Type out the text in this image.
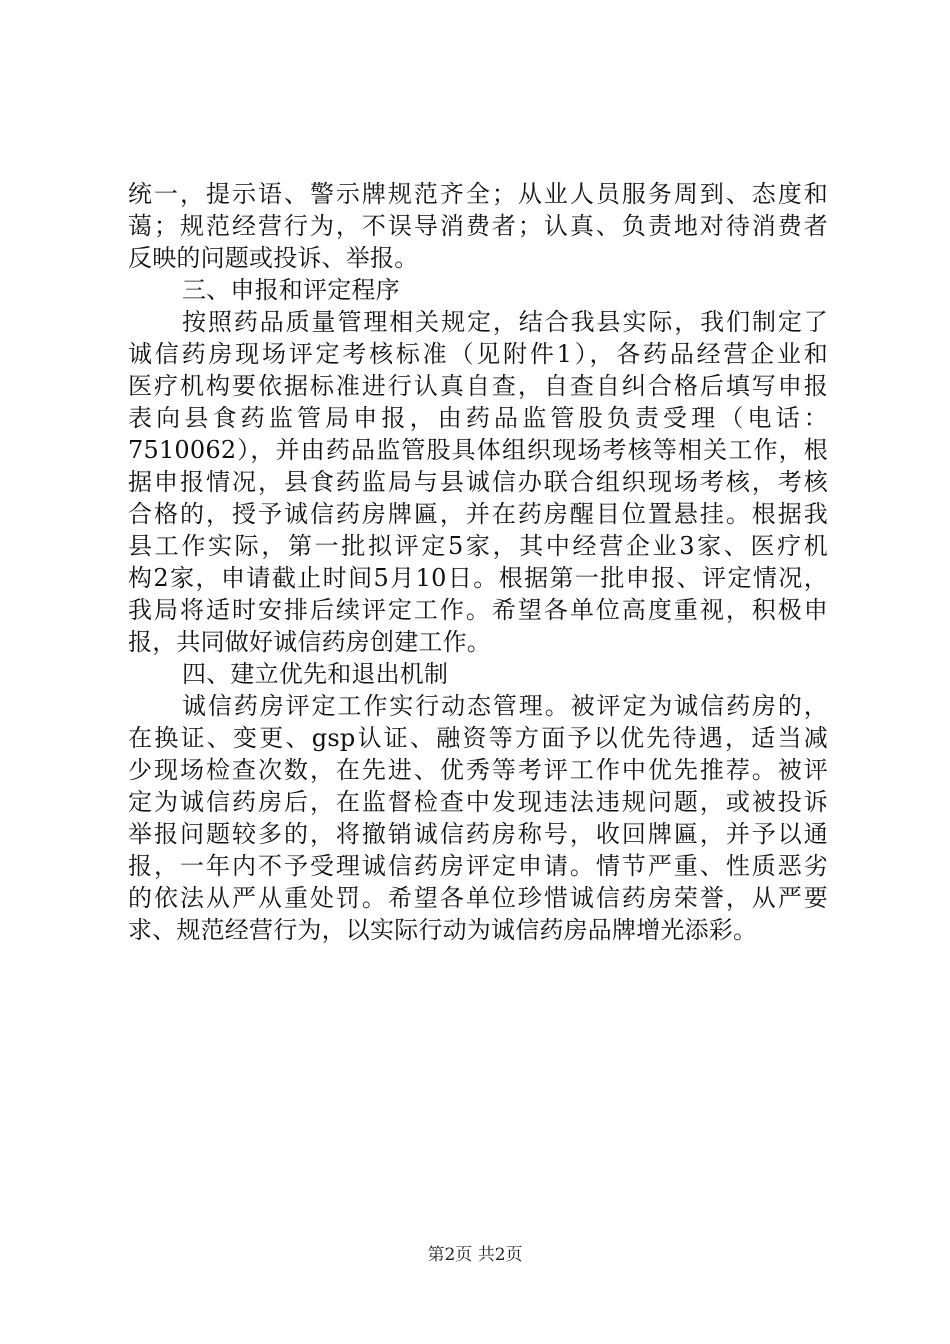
统一，提示语、警示牌规范齐全；从业人员服务周到、态度和
蔼；规范经营行为，不误导消费者；认真、负责地对待消费者
反映的问题或投诉、举报。
三、申报和评定程序
按照药品质量管理相关规定，结合我县实际，我们制定了
诚信药房现场评定考核标准（见附件1），各药品经营企业和
医疗机构要依据标准进行认真自查，自查自纠合格后填写申报
表向县食药监管局申报，由药品监管股负责受理（电话：
7510062），并由药品监管股具体组织现场考核等相关工作，根
据申报情况，县食药监局与县诚信办联合组织现场考核，考核
合格的，授予诚信药房牌匾，并在药房醒目位置悬挂。根据我
县工作实际，第一批拟评定5家，其中经营企业3家、医疗机
构2家，申请截止时间5月10日。根据第一批申报、评定情况，
我局将适时安排后续评定工作。希望各单位高度重视，积极申
报，共同做好诚信药房创建工作。
四、建立优先和退出机制
诚信药房评定工作实行动态管理。被评定为诚信药房的，
在换证、变更、gsp认证、融资等方面予以优先待遇，适当减
少现场检查次数，在先进、优秀等考评工作中优先推荐。被评
定为诚信药房后，在监督检查中发现违法违规问题，或被投诉
举报问题较多的，将撤销诚信药房称号，收回牌匾，并予以通
报，一年内不予受理诚信药房评定申请。情节严重、性质恶劣
的依法从严从重处罚。希望各单位珍惜诚信药房荣誉，从严要
求、规范经营行为，以实际行动为诚信药房品牌增光添彩。
第2页 共2页
